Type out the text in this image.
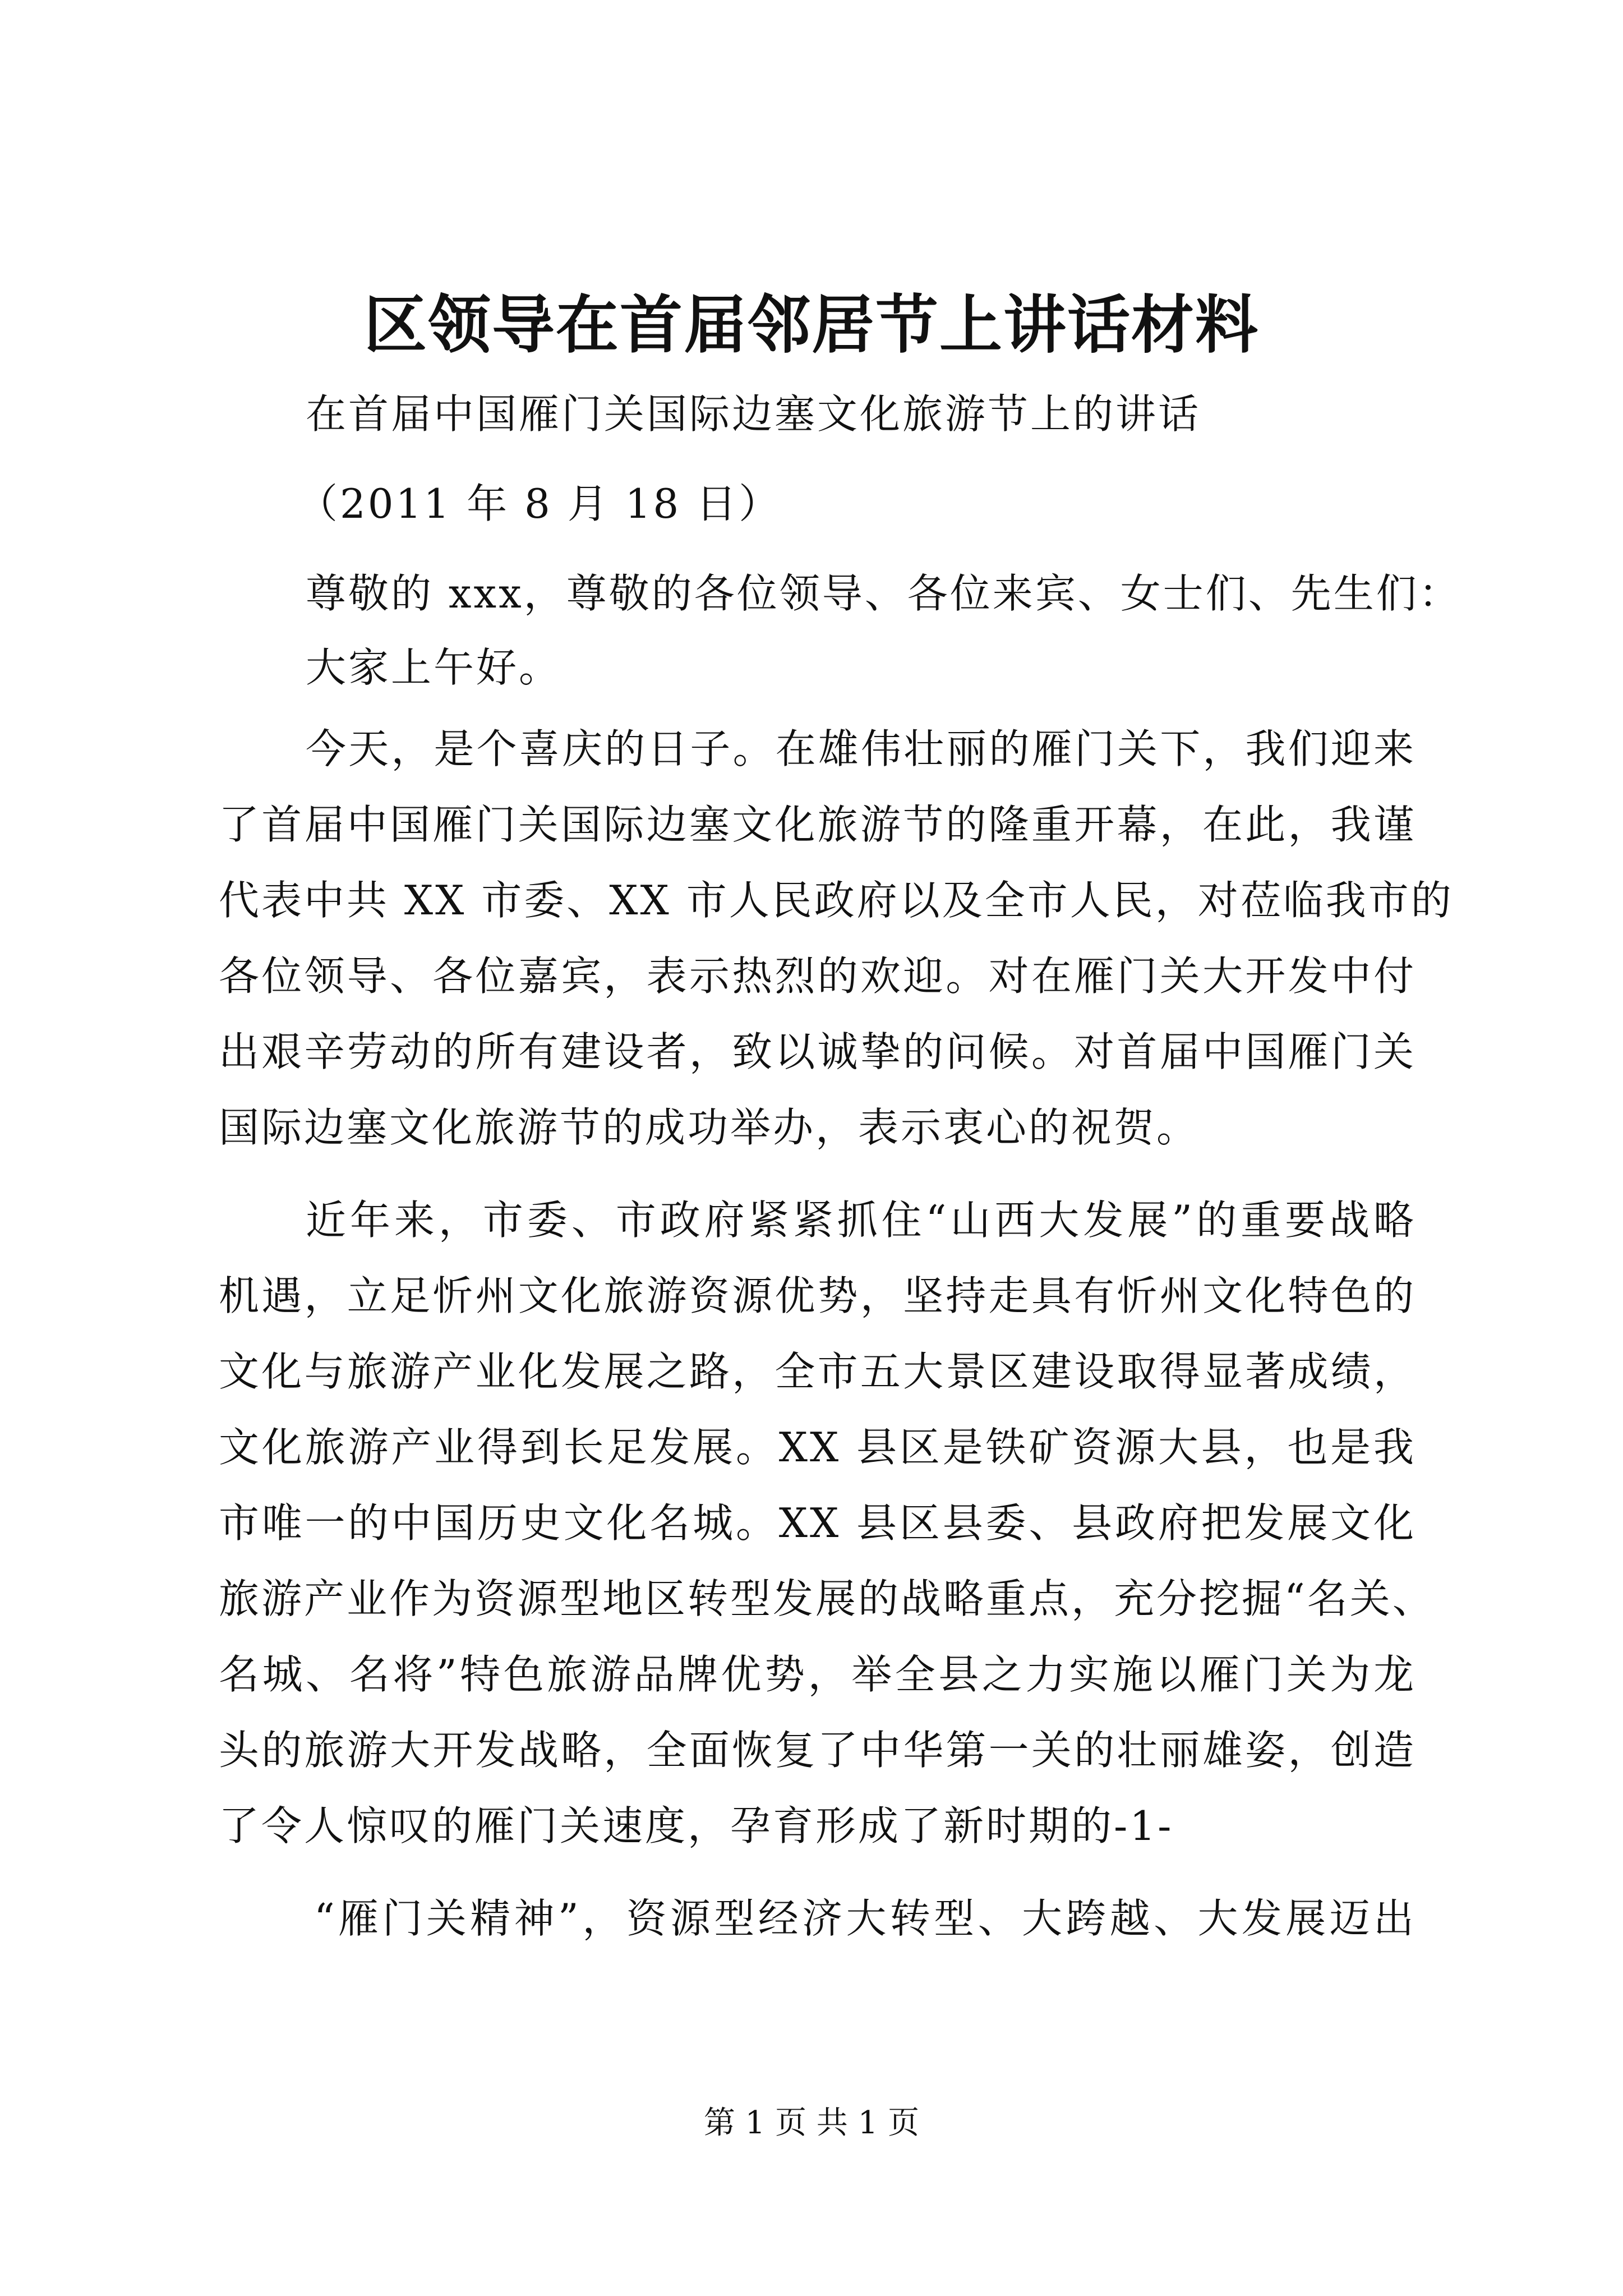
区领导在首届邻居节上讲话材料
在首届中国雁门关国际边塞文化旅游节上的讲话
（2011 年 8 月 18 日）
尊敬的 xxx，尊敬的各位领导、各位来宾、女士们、先生们：
大家上午好。
今天，是个喜庆的日子。在雄伟壮丽的雁门关下，我们迎来
了首届中国雁门关国际边塞文化旅游节的隆重开幕，在此，我谨
代表中共 XX 市委、XX 市人民政府以及全市人民，对莅临我市的
各位领导、各位嘉宾，表示热烈的欢迎。对在雁门关大开发中付
出艰辛劳动的所有建设者，致以诚挚的问候。对首届中国雁门关
国际边塞文化旅游节的成功举办，表示衷心的祝贺。
近年来，市委、市政府紧紧抓住“山西大发展”的重要战略
机遇，立足忻州文化旅游资源优势，坚持走具有忻州文化特色的
文化与旅游产业化发展之路，全市五大景区建设取得显著成绩，
文化旅游产业得到长足发展。XX 县区是铁矿资源大县，也是我
市唯一的中国历史文化名城。XX 县区县委、县政府把发展文化
旅游产业作为资源型地区转型发展的战略重点，充分挖掘“名关、
名城、名将”特色旅游品牌优势，举全县之力实施以雁门关为龙
头的旅游大开发战略，全面恢复了中华第一关的壮丽雄姿，创造
了令人惊叹的雁门关速度，孕育形成了新时期的-1-
“雁门关精神”，资源型经济大转型、大跨越、大发展迈出
第 1 页 共 1 页
